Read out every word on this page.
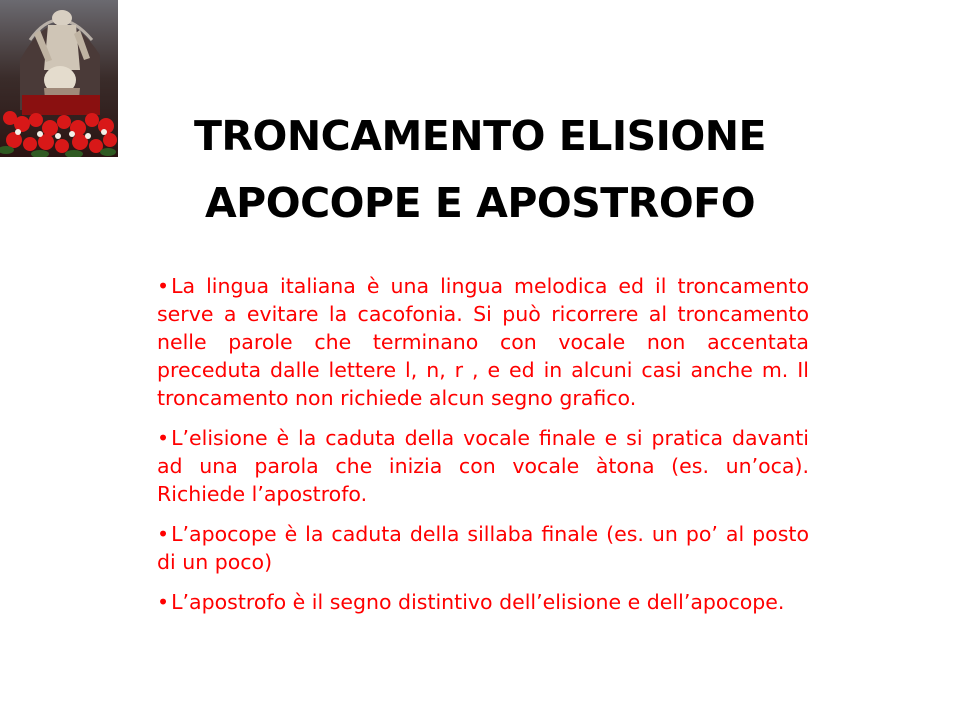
TRONCAMENTO ELISIONE
APOCOPE E APOSTROFO
•La lingua italiana è una lingua melodica ed il troncamento serve a evitare la cacofonia. Si può ricorrere al troncamento nelle parole che terminano con vocale non accentata preceduta dalle lettere l, n, r , e ed in alcuni casi anche m. Il troncamento non richiede alcun segno grafico.
•L’elisione è la caduta della vocale finale e si pratica davanti ad una parola che inizia con vocale àtona (es. un’oca). Richiede l’apostrofo.
•L’apocope è la caduta della sillaba finale (es. un po’ al posto di un poco)
•L’apostrofo è il segno distintivo dell’elisione e dell’apocope.
